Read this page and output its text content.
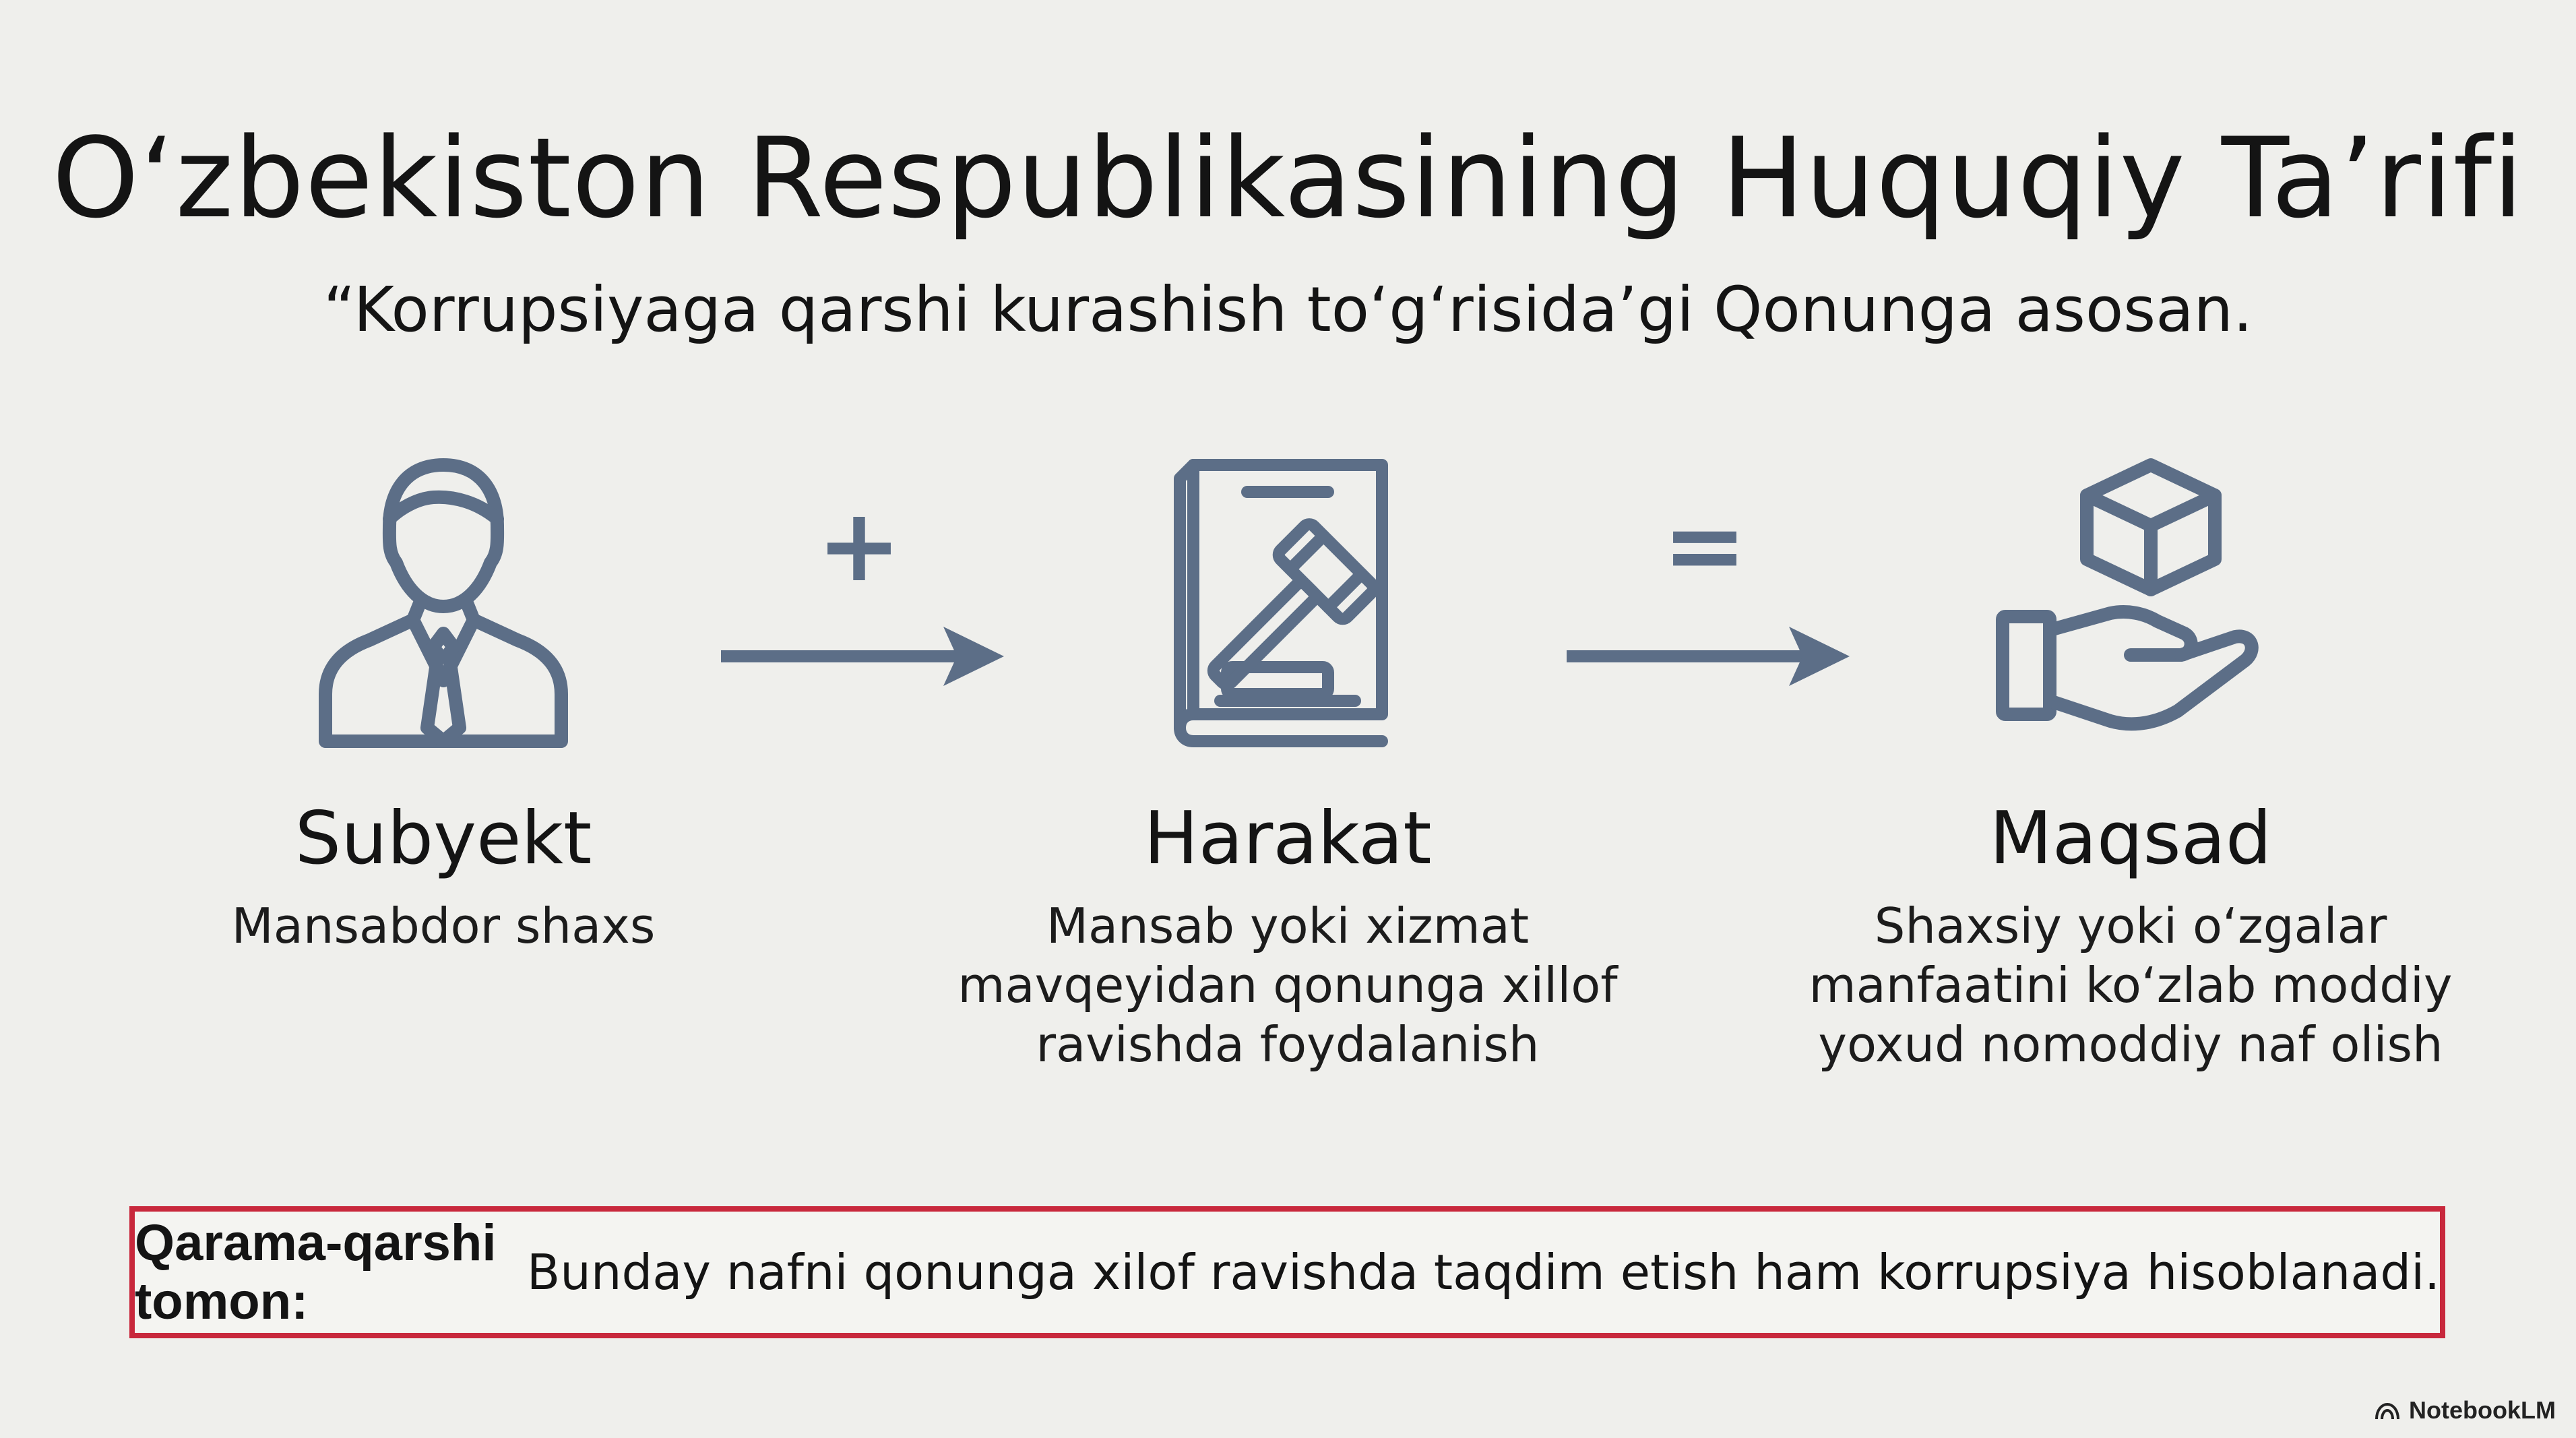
O‘zbekiston Respublikasining Huquqiy Ta’rifi
“Korrupsiyaga qarshi kurashish to‘g‘risida’gi Qonunga asosan.
Subyekt
Mansabdor shaxs
+
Harakat
Mansab yoki xizmat
mavqeyidan qonunga xillof
ravishda foydalanish
=
Maqsad
Shaxsiy yoki o‘zgalar
manfaatini ko‘zlab moddiy
yoxud nomoddiy naf olish
Qarama-qarshi tomon:
Bunday nafni qonunga xilof ravishda taqdim etish ham korrupsiya hisoblanadi.
NotebookLM
